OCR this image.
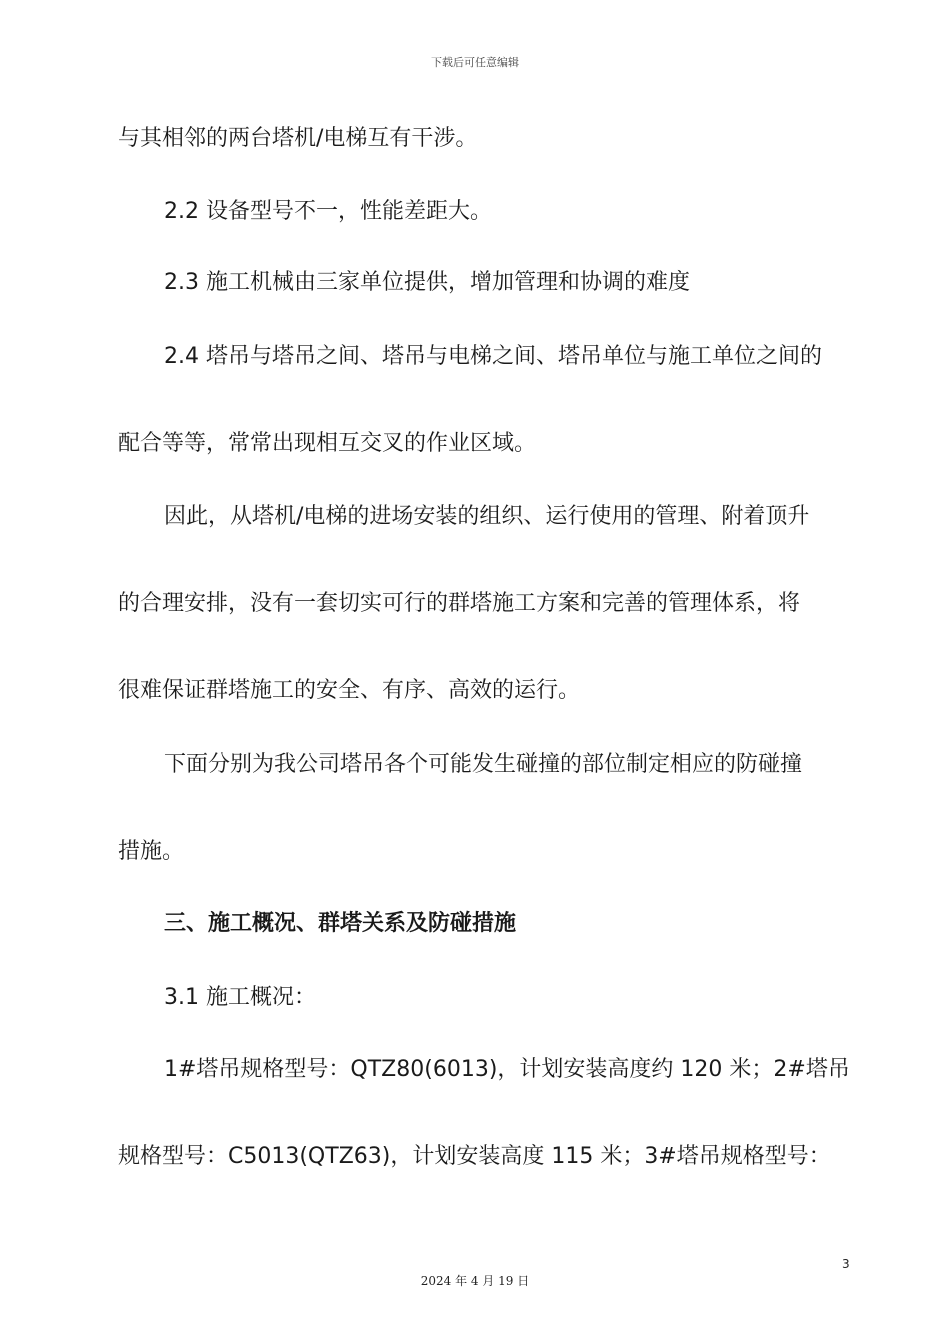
下载后可任意编辑
与其相邻的两台塔机/电梯互有干涉。
2.2 设备型号不一，性能差距大。
2.3 施工机械由三家单位提供，增加管理和协调的难度
2.4 塔吊与塔吊之间、塔吊与电梯之间、塔吊单位与施工单位之间的
配合等等，常常出现相互交叉的作业区域。
因此，从塔机/电梯的进场安装的组织、运行使用的管理、附着顶升
的合理安排，没有一套切实可行的群塔施工方案和完善的管理体系，将
很难保证群塔施工的安全、有序、高效的运行。
下面分别为我公司塔吊各个可能发生碰撞的部位制定相应的防碰撞
措施。
三、施工概况、群塔关系及防碰措施
3.1 施工概况：
1#塔吊规格型号：QTZ80(6013)，计划安装高度约 120 米；2#塔吊
规格型号：C5013(QTZ63)，计划安装高度 115 米；3#塔吊规格型号：
3
2024 年 4 月 19 日
